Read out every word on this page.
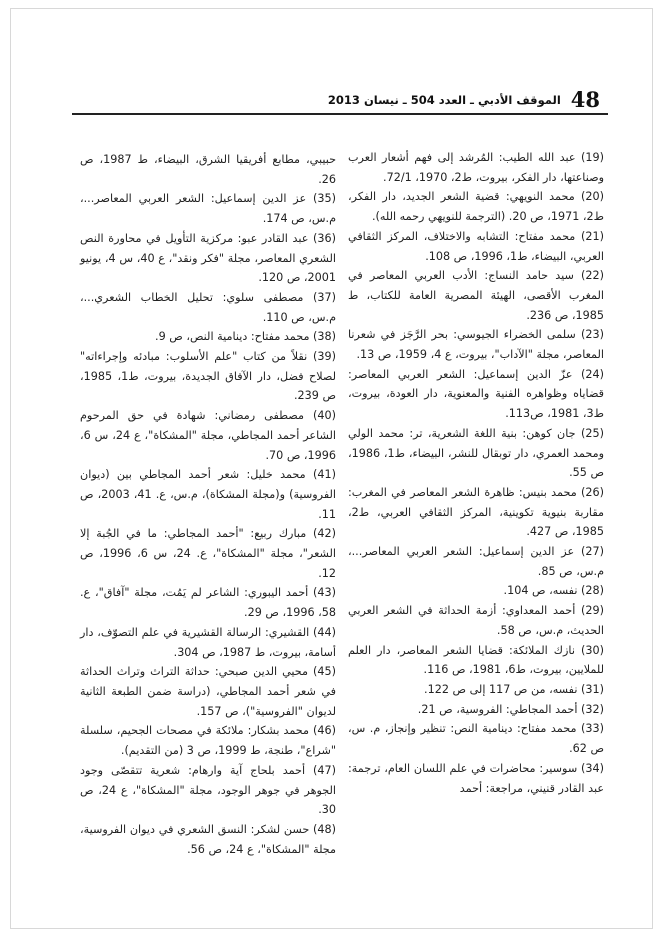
48
الموقف الأدبي ـ العدد 504 ـ نيسان 2013

(19) عبد الله الطيب: المُرشد إلى فهم أشعار العرب وصناعتها، دار الفكر، بيروت، ط2، 1970، 72/1.

(20) محمد النويهي: قضية الشعر الجديد، دار الفكر، ط2، 1971، ص 20. (الترجمة للنويهي رحمه الله).

(21) محمد مفتاح: التشابه والاختلاف، المركز الثقافي العربي، البيضاء، ط1، 1996، ص 108.

(22) سيد حامد النساج: الأدب العربي المعاصر في المغرب الأقصى، الهيئة المصرية العامة للكتاب، ط 1985، ص 236.

(23) سلمى الخضراء الجيوسي: بحر الرَّجَز في شعرنا المعاصر، مجلة "الآداب"، بيروت، ع 4، 1959، ص 13.

(24) عزّ الدين إسماعيل: الشعر العربي المعاصر: قضاياه وظواهره الفنية والمعنوية، دار العودة، بيروت، ط3، 1981، ص113.

(25) جان كوهن: بنية اللغة الشعرية، تر: محمد الولي ومحمد العمري، دار توبقال للنشر، البيضاء، ط1، 1986، ص 55.

(26) محمد بنيس: ظاهرة الشعر المعاصر في المغرب: مقاربة بنيوية تكوينية، المركز الثقافي العربي، ط2، 1985، ص 427.

(27) عز الدين إسماعيل: الشعر العربي المعاصر...، م.س، ص 85.

(28) نفسه، ص 104.

(29) أحمد المعداوي: أزمة الحداثة في الشعر العربي الحديث، م.س، ص 58.

(30) نازك الملائكة: قضايا الشعر المعاصر، دار العلم للملايين، بيروت، ط6، 1981، ص 116.

(31) نفسه، من ص 117 إلى ص 122.

(32) أحمد المجاطي: الفروسية، ص 21.

(33) محمد مفتاح: دينامية النص: تنظير وإنجاز، م. س، ص 62.

(34) سوسير: محاضرات في علم اللسان العام، ترجمة: عبد القادر قنيني، مراجعة: أحمد

حبيبي، مطابع أفريقيا الشرق، البيضاء، ط 1987، ص 26.

(35) عز الدين إسماعيل: الشعر العربي المعاصر...، م.س، ص 174.

(36) عبد القادر عبو: مركزية التأويل في محاورة النص الشعري المعاصر، مجلة "فكر ونقد"، ع 40، س 4، يونيو 2001، ص 120.

(37) مصطفى سلوي: تحليل الخطاب الشعري...، م.س، ص 110.

(38) محمد مفتاح: دينامية النص، ص 9.

(39) نقلاً من كتاب "علم الأسلوب: مبادئه وإجراءاته" لصلاح فضل، دار الآفاق الجديدة، بيروت، ط1، 1985، ص 239.

(40) مصطفى رمضاني: شهادة في حق المرحوم الشاعر أحمد المجاطي، مجلة "المشكاة"، ع 24، س 6، 1996، ص 70.

(41) محمد خليل: شعر أحمد المجاطي بين (ديوان الفروسية) و(مجلة المشكاة)، م.س، ع. 41، 2003، ص 11.

(42) مبارك ربيع: "أحمد المجاطي: ما في الجُبة إلا الشعر"، مجلة "المشكاة"، ع. 24، س 6، 1996، ص 12.

(43) أحمد اليبوري: الشاعر لم يَمُت، مجلة "آفاق"، ع. 58، 1996، ص 29.

(44) القشيري: الرسالة القشيرية في علم التصوّف، دار أسامة، بيروت، ط 1987، ص 304.

(45) محيي الدين صبحي: حداثة التراث وتراث الحداثة في شعر أحمد المجاطي، (دراسة ضمن الطبعة الثانية لديوان "الفروسية")، ص 157.

(46) محمد بشكار: ملائكة في مصحات الجحيم، سلسلة "شراع"، طنجة، ط 1999، ص 3 (من التقديم).

(47) أحمد بلحاج آية وارهام: شعرية تتقصّى وجود الجوهر في جوهر الوجود، مجلة "المشكاة"، ع 24، ص 30.

(48) حسن لشكر: النسق الشعري في ديوان الفروسية، مجلة "المشكاة"، ع 24، ص 56.
